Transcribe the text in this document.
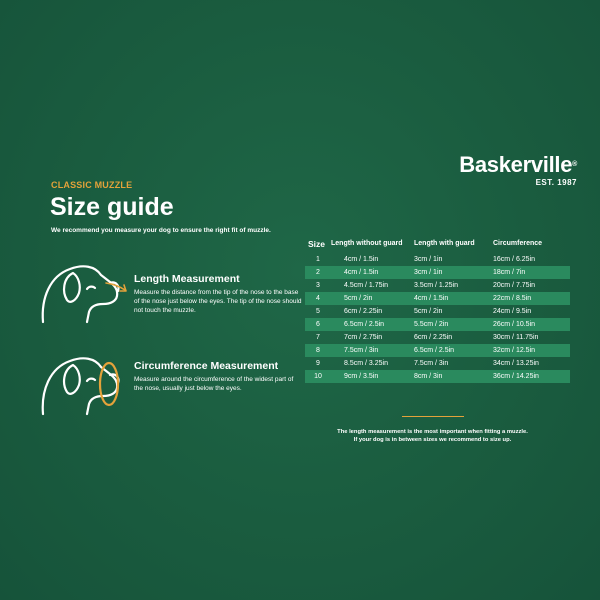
Baskerville®
EST. 1987
CLASSIC MUZZLE
Size guide
We recommend you measure your dog to ensure the right fit of muzzle.
Length Measurement
Measure the distance from the tip of the nose to the base of the nose just below the eyes. The tip of the nose should not touch the muzzle.
Circumference Measurement
Measure around the circumference of the widest part of the nose, usually just below the eyes.
Size	Length without guard	Length with guard	Circumference
1	4cm / 1.5in	3cm / 1in	16cm / 6.25in
2	4cm / 1.5in	3cm / 1in	18cm / 7in
3	4.5cm / 1.75in	3.5cm / 1.25in	20cm / 7.75in
4	5cm / 2in	4cm / 1.5in	22cm / 8.5in
5	6cm / 2.25in	5cm / 2in	24cm / 9.5in
6	6.5cm / 2.5in	5.5cm / 2in	26cm / 10.5in
7	7cm / 2.75in	6cm / 2.25in	30cm / 11.75in
8	7.5cm / 3in	6.5cm / 2.5in	32cm / 12.5in
9	8.5cm / 3.25in	7.5cm / 3in	34cm / 13.25in
10	9cm / 3.5in	8cm / 3in	36cm / 14.25in
The length measurement is the most important when fitting a muzzle.
If your dog is in between sizes we recommend to size up.
